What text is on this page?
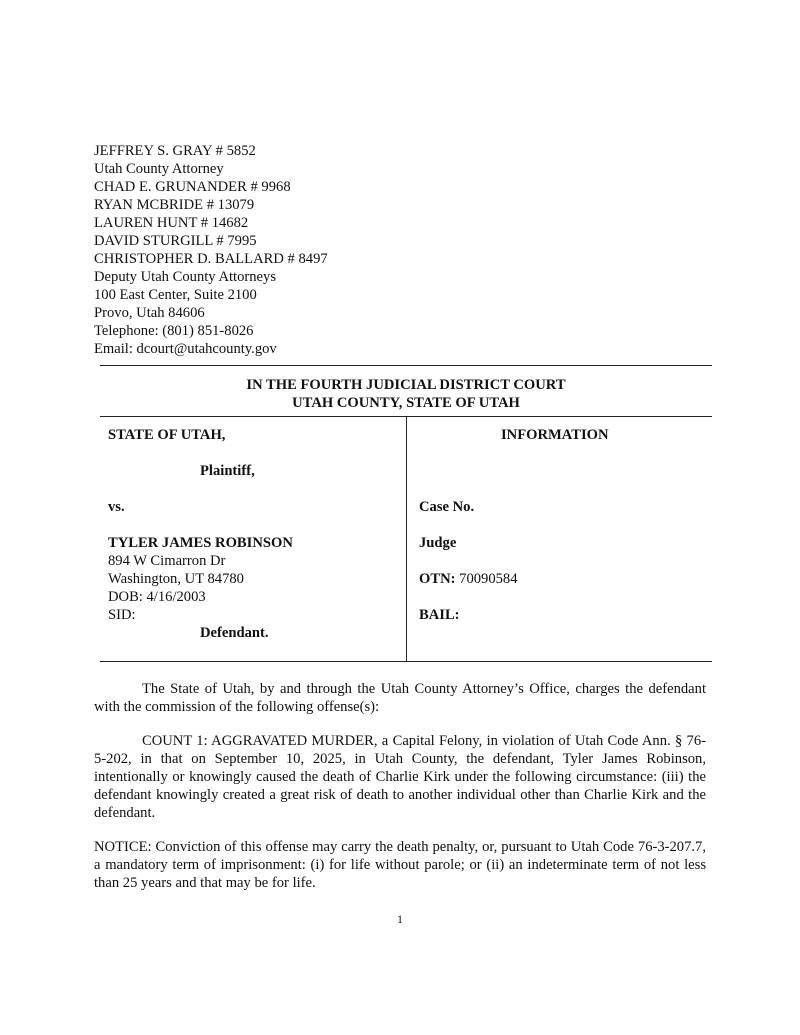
JEFFREY S. GRAY # 5852
Utah County Attorney
CHAD E. GRUNANDER # 9968
RYAN MCBRIDE # 13079
LAUREN HUNT # 14682
DAVID STURGILL # 7995
CHRISTOPHER D. BALLARD # 8497
Deputy Utah County Attorneys
100 East Center, Suite 2100
Provo, Utah 84606
Telephone: (801) 851-8026
Email: dcourt@utahcounty.gov
IN THE FOURTH JUDICIAL DISTRICT COURT
UTAH COUNTY, STATE OF UTAH
STATE OF UTAH,
Plaintiff,
vs.
TYLER JAMES ROBINSON
894 W Cimarron Dr
Washington, UT 84780
DOB: 4/16/2003
SID:
Defendant.
INFORMATION
Case No.
Judge
OTN: 70090584
BAIL:
The State of Utah, by and through the Utah County Attorney’s Office, charges the defendant with the commission of the following offense(s):
COUNT 1: AGGRAVATED MURDER, a Capital Felony, in violation of Utah Code Ann. § 76-5-202, in that on September 10, 2025, in Utah County, the defendant, Tyler James Robinson, intentionally or knowingly caused the death of Charlie Kirk under the following circumstance: (iii) the defendant knowingly created a great risk of death to another individual other than Charlie Kirk and the defendant.
NOTICE: Conviction of this offense may carry the death penalty, or, pursuant to Utah Code 76-3-207.7, a mandatory term of imprisonment: (i) for life without parole; or (ii) an indeterminate term of not less than 25 years and that may be for life.
1
